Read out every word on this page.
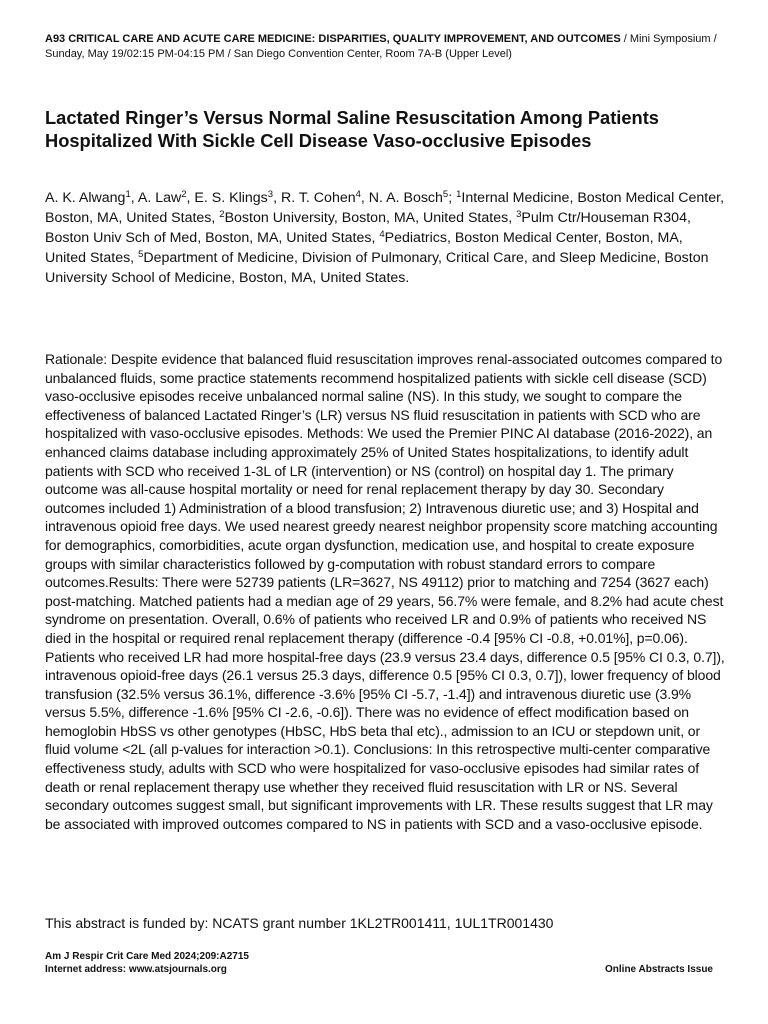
A93 CRITICAL CARE AND ACUTE CARE MEDICINE: DISPARITIES, QUALITY IMPROVEMENT, AND OUTCOMES / Mini Symposium / Sunday, May 19/02:15 PM-04:15 PM / San Diego Convention Center, Room 7A-B (Upper Level)
Lactated Ringer’s Versus Normal Saline Resuscitation Among Patients Hospitalized With Sickle Cell Disease Vaso-occlusive Episodes

A. K. Alwang$^1$, A. Law$^2$, E. S. Klings$^3$, R. T. Cohen$^4$, N. A. Bosch$^5$; $^1$Internal Medicine, Boston Medical Center, Boston, MA, United States, $^2$Boston University, Boston, MA, United States, $^3$Pulm Ctr/Houseman R304, Boston Univ Sch of Med, Boston, MA, United States, $^4$Pediatrics, Boston Medical Center, Boston, MA, United States, $^5$Department of Medicine, Division of Pulmonary, Critical Care, and Sleep Medicine, Boston University School of Medicine, Boston, MA, United States.

Rationale: Despite evidence that balanced fluid resuscitation improves renal-associated outcomes compared to unbalanced fluids, some practice statements recommend hospitalized patients with sickle cell disease (SCD) vaso-occlusive episodes receive unbalanced normal saline (NS). In this study, we sought to compare the effectiveness of balanced Lactated Ringer’s (LR) versus NS fluid resuscitation in patients with SCD who are hospitalized with vaso-occlusive episodes. Methods: We used the Premier PINC AI database (2016-2022), an enhanced claims database including approximately 25% of United States hospitalizations, to identify adult patients with SCD who received 1-3L of LR (intervention) or NS (control) on hospital day 1. The primary outcome was all-cause hospital mortality or need for renal replacement therapy by day 30. Secondary outcomes included 1) Administration of a blood transfusion; 2) Intravenous diuretic use; and 3) Hospital and intravenous opioid free days. We used nearest greedy nearest neighbor propensity score matching accounting for demographics, comorbidities, acute organ dysfunction, medication use, and hospital to create exposure groups with similar characteristics followed by g-computation with robust standard errors to compare outcomes.Results: There were 52739 patients (LR=3627, NS 49112) prior to matching and 7254 (3627 each) post-matching. Matched patients had a median age of 29 years, 56.7% were female, and 8.2% had acute chest syndrome on presentation. Overall, 0.6% of patients who received LR and 0.9% of patients who received NS died in the hospital or required renal replacement therapy (difference -0.4 [95% CI -0.8, +0.01%], p=0.06). Patients who received LR had more hospital-free days (23.9 versus 23.4 days, difference 0.5 [95% CI 0.3, 0.7]), intravenous opioid-free days (26.1 versus 25.3 days, difference 0.5 [95% CI 0.3, 0.7]), lower frequency of blood transfusion (32.5% versus 36.1%, difference -3.6% [95% CI -5.7, -1.4]) and intravenous diuretic use (3.9% versus 5.5%, difference -1.6% [95% CI -2.6, -0.6]). There was no evidence of effect modification based on hemoglobin HbSS vs other genotypes (HbSC, HbS beta thal etc)., admission to an ICU or stepdown unit, or fluid volume <2L (all p-values for interaction >0.1). Conclusions: In this retrospective multi-center comparative effectiveness study, adults with SCD who were hospitalized for vaso-occlusive episodes had similar rates of death or renal replacement therapy use whether they received fluid resuscitation with LR or NS. Several secondary outcomes suggest small, but significant improvements with LR. These results suggest that LR may be associated with improved outcomes compared to NS in patients with SCD and a vaso-occlusive episode.

This abstract is funded by: NCATS grant number 1KL2TR001411, 1UL1TR001430

Am J Respir Crit Care Med 2024;209:A2715
Internet address: www.atsjournals.org	Online Abstracts Issue
